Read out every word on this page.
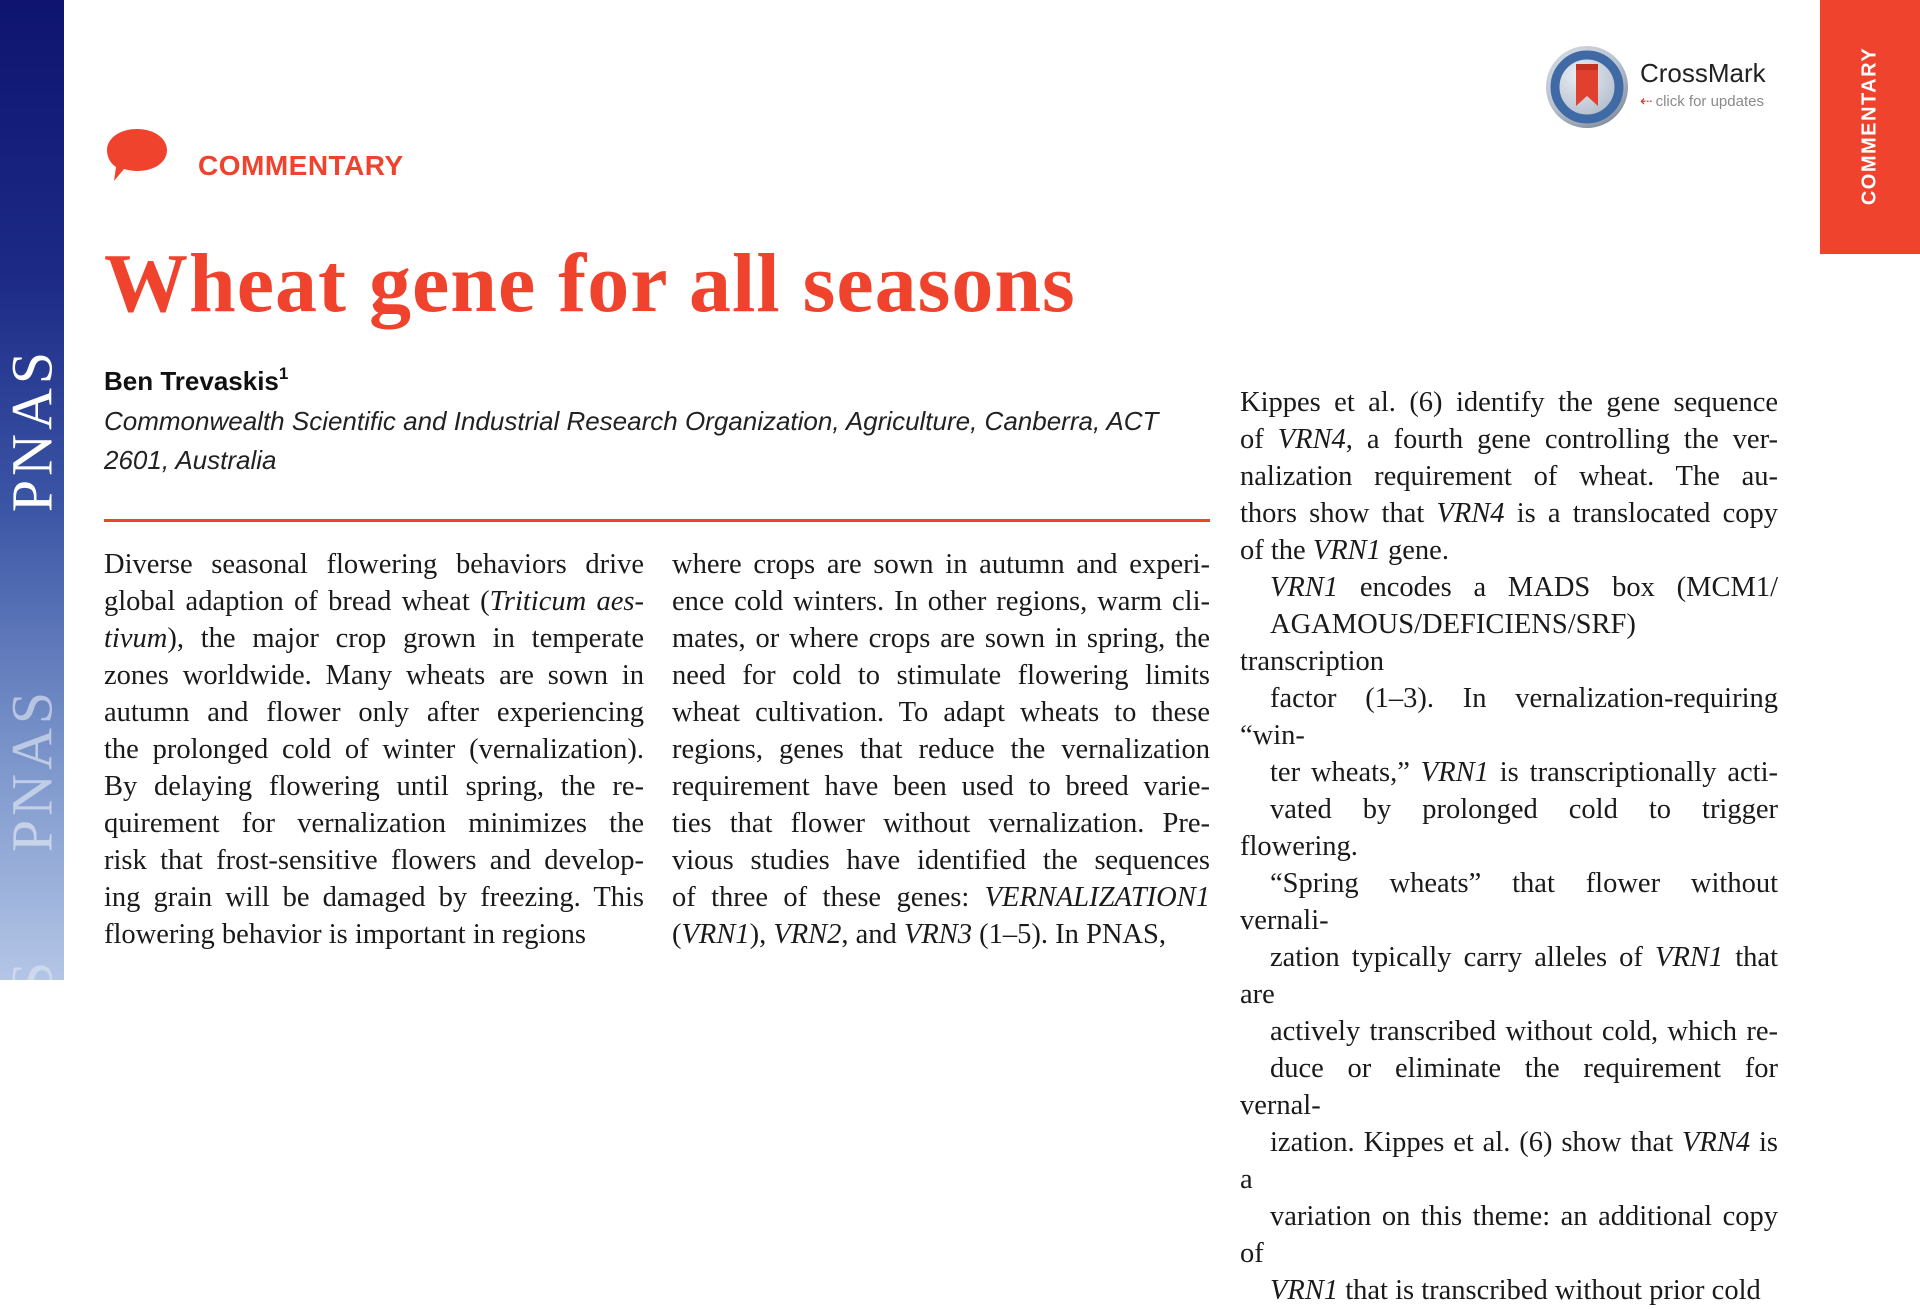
PNAS
PNAS
PNAS
COMMENTARY
CrossMark
⇠ click for updates
COMMENTARY
Wheat gene for all seasons
Ben Trevaskis$^1$
Commonwealth Scientific and Industrial Research Organization, Agriculture, Canberra, ACT 2601, Australia

Diverse seasonal flowering behaviors drive
global adaption of bread wheat (Triticum aes-
tivum), the major crop grown in temperate
zones worldwide. Many wheats are sown in
autumn and flower only after experiencing
the prolonged cold of winter (vernalization).
By delaying flowering until spring, the re-
quirement for vernalization minimizes the
risk that frost-sensitive flowers and develop-
ing grain will be damaged by freezing. This
flowering behavior is important in regions

where crops are sown in autumn and experi-
ence cold winters. In other regions, warm cli-
mates, or where crops are sown in spring, the
need for cold to stimulate flowering limits
wheat cultivation. To adapt wheats to these
regions, genes that reduce the vernalization
requirement have been used to breed varie-
ties that flower without vernalization. Pre-
vious studies have identified the sequences
of three of these genes: VERNALIZATION1
(VRN1), VRN2, and VRN3 (1–5). In PNAS,

Kippes et al. (6) identify the gene sequence
of VRN4, a fourth gene controlling the ver-
nalization requirement of wheat. The au-
thors show that VRN4 is a translocated copy
of the VRN1 gene.

VRN1 encodes a MADS box (MCM1/
AGAMOUS/DEFICIENS/SRF) transcription
factor (1–3). In vernalization-requiring “win-
ter wheats,” VRN1 is transcriptionally acti-
vated by prolonged cold to trigger flowering.
“Spring wheats” that flower without vernali-
zation typically carry alleles of VRN1 that are
actively transcribed without cold, which re-
duce or eliminate the requirement for vernal-
ization. Kippes et al. (6) show that VRN4 is a
variation on this theme: an additional copy of
VRN1 that is transcribed without prior cold
